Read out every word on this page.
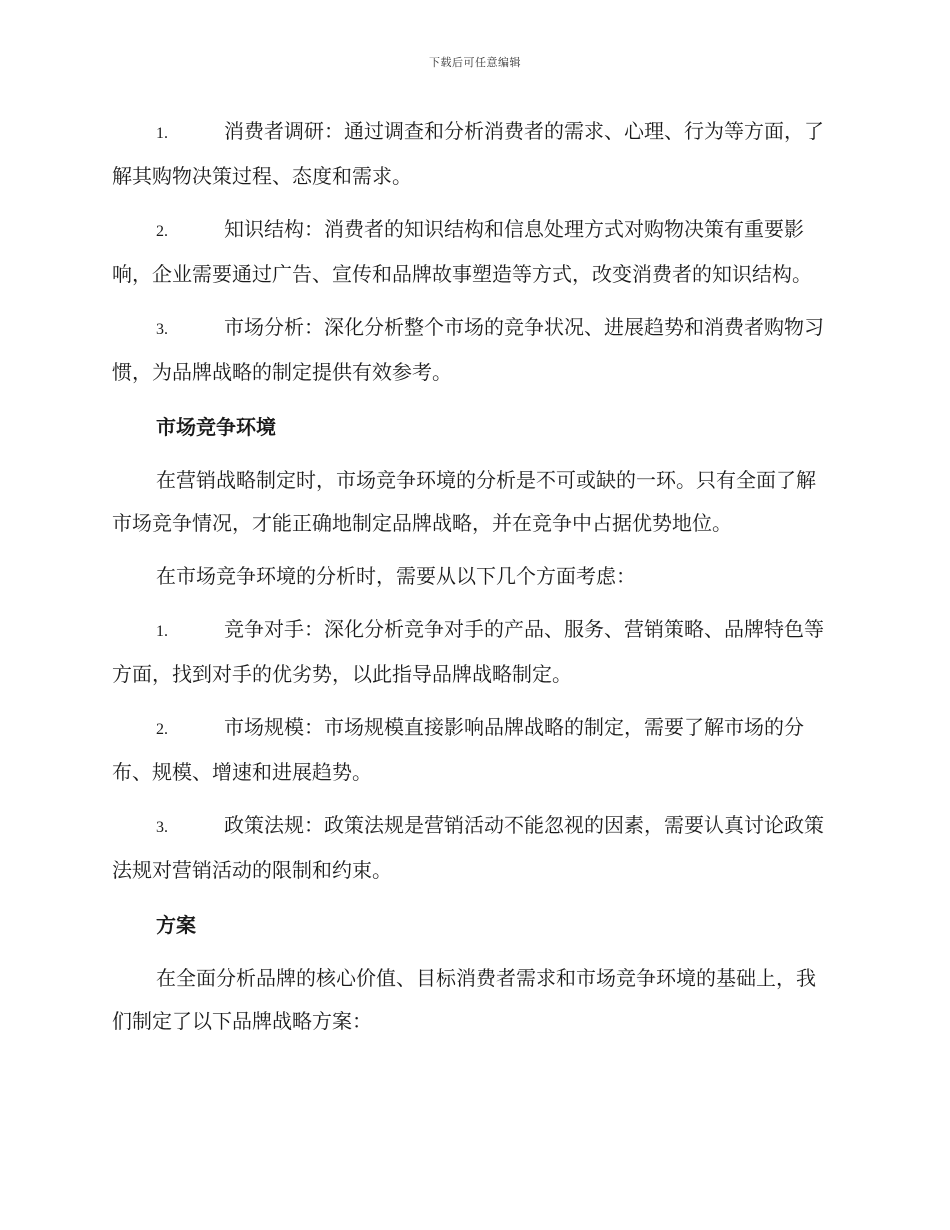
下载后可任意编辑

1.	消费者调研：通过调查和分析消费者的需求、心理、行为等方面，了解其购物决策过程、态度和需求。

2.	知识结构：消费者的知识结构和信息处理方式对购物决策有重要影响，企业需要通过广告、宣传和品牌故事塑造等方式，改变消费者的知识结构。

3.	市场分析：深化分析整个市场的竞争状况、进展趋势和消费者购物习惯，为品牌战略的制定提供有效参考。

市场竞争环境

在营销战略制定时，市场竞争环境的分析是不可或缺的一环。只有全面了解市场竞争情况，才能正确地制定品牌战略，并在竞争中占据优势地位。

在市场竞争环境的分析时，需要从以下几个方面考虑：

1.	竞争对手：深化分析竞争对手的产品、服务、营销策略、品牌特色等方面，找到对手的优劣势，以此指导品牌战略制定。

2.	市场规模：市场规模直接影响品牌战略的制定，需要了解市场的分布、规模、增速和进展趋势。

3.	政策法规：政策法规是营销活动不能忽视的因素，需要认真讨论政策法规对营销活动的限制和约束。

方案

在全面分析品牌的核心价值、目标消费者需求和市场竞争环境的基础上，我们制定了以下品牌战略方案：
